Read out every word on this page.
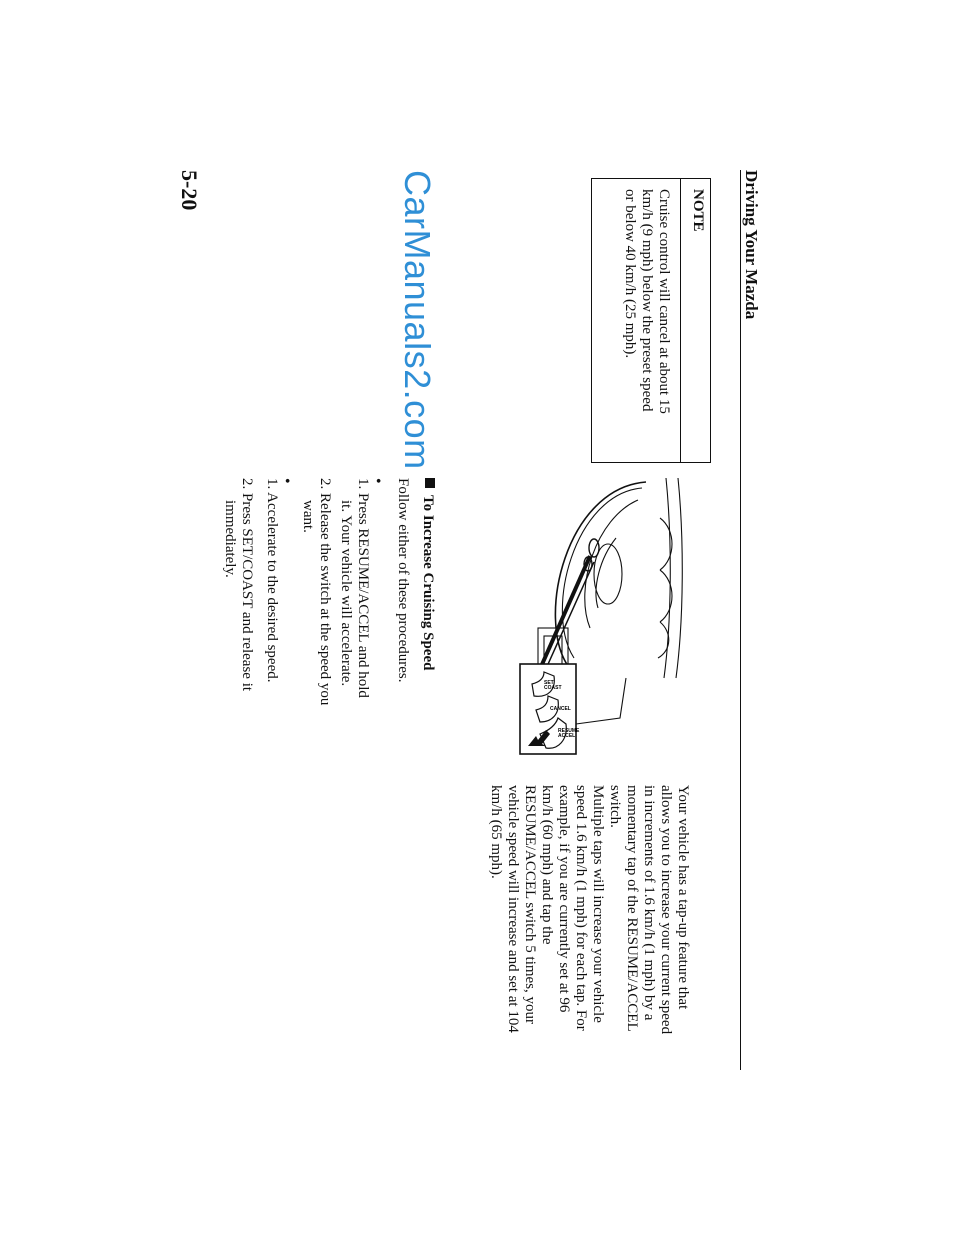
Driving Your Mazda
CarManuals2.com
5-20	NOTE
Cruise control will cancel at about 15
km/h (9 mph) below the preset speed
or below 40 km/h (25 mph).
RESUME
ACCEL
CANCEL
SET
COAST
To Increase Cruising Speed
Follow either of these procedures.
•
1. Press RESUME/ACCEL and hold
it. Your vehicle will accelerate.
2. Release the switch at the speed you
want.
•
1. Accelerate to the desired speed.
2. Press SET/COAST and release it
immediately.

Your vehicle has a tap-up feature that
allows you to increase your current speed
in increments of 1.6 km/h (1 mph) by a
momentary tap of the RESUME/ACCEL
switch.

Multiple taps will increase your vehicle
speed 1.6 km/h (1 mph) for each tap. For
example, if you are currently set at 96
km/h (60 mph) and tap the
RESUME/ACCEL switch 5 times, your
vehicle speed will increase and set at 104
km/h (65 mph).
